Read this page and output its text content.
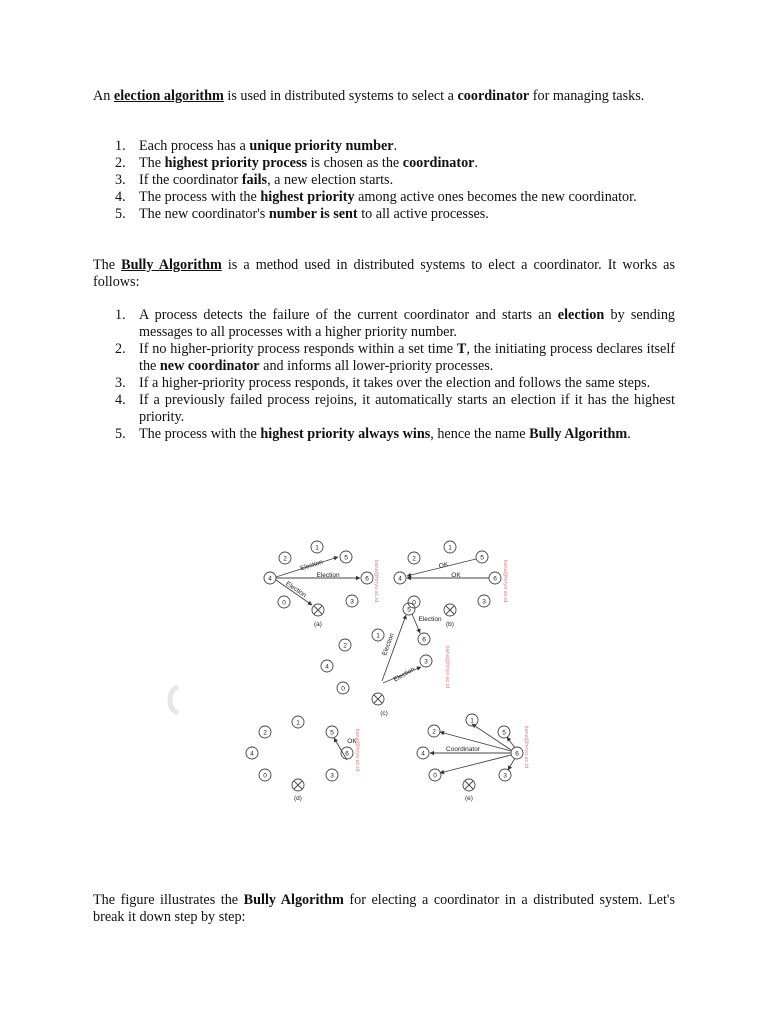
An election algorithm is used in distributed systems to select a coordinator for managing tasks.
1. Each process has a unique priority number.
2. The highest priority process is chosen as the coordinator.
3. If the coordinator fails, a new election starts.
4. The process with the highest priority among active ones becomes the new coordinator.
5. The new coordinator's number is sent to all active processes.
The Bully Algorithm is a method used in distributed systems to elect a coordinator. It works as follows:
1. A process detects the failure of the current coordinator and starts an election by sending messages to all processes with a higher priority number.
2. If no higher-priority process responds within a set time T, the initiating process declares itself the new coordinator and informs all lower-priority processes.
3. If a higher-priority process responds, it takes over the election and follows the same steps.
4. If a previously failed process rejoins, it automatically starts an election if it has the highest priority.
5. The process with the highest priority always wins, hence the name Bully Algorithm.
1
2	5
4	6
0	3
Election
Election
Election
(a)
tiana@hiryo.ac.id
1
2	5
4	6
0	3
OK
OK
(b)
tiana@hiryo.ac.id
1
2
5
4
6
0
3
Election
Election
Election
(c)
tiana@hiryo.ac.id
1
2	5
4	6
0	3
OK
(d)
tiana@hiryo.ac.id
1
2	5
4	6
0	3
Coordinator
(e)
tiana@hiryo.ac.id
The figure illustrates the Bully Algorithm for electing a coordinator in a distributed system. Let's break it down step by step:
